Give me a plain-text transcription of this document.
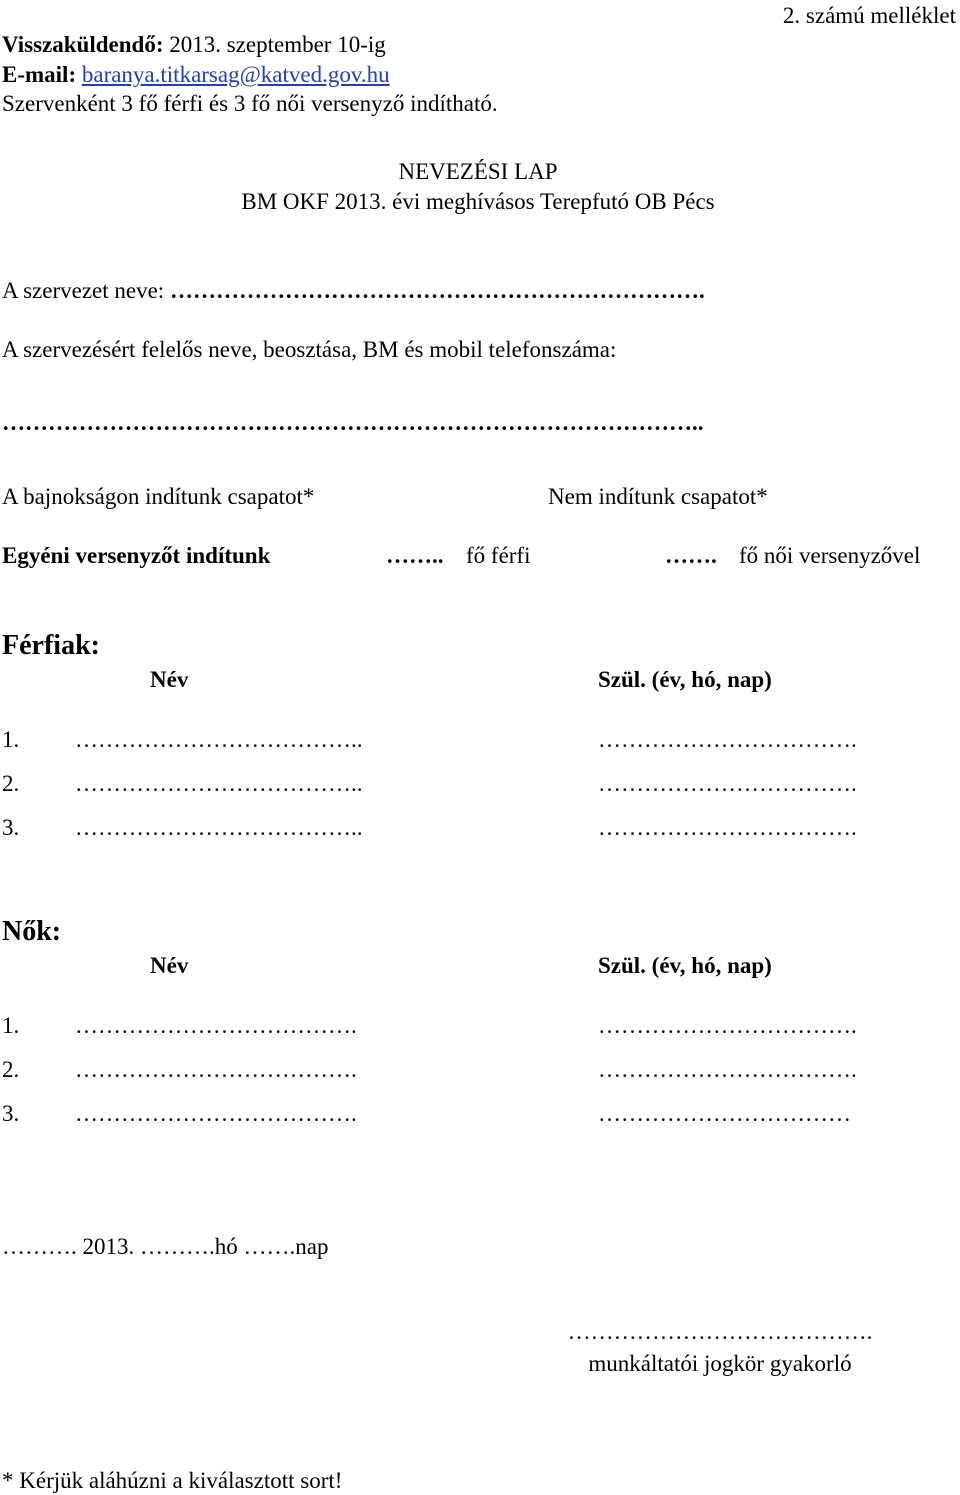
Visszaküldendő: 2013. szeptember 10-ig
E-mail: baranya.titkarsag@katved.gov.hu
Szervenként 3 fő férfi és 3 fő női versenyző indítható.
2. számú melléklet
NEVEZÉSI LAP
BM OKF 2013. évi meghívásos Terepfutó OB Pécs
A szervezet neve: …………………………………………………………….
A szervezésért felelős neve, beosztása, BM és mobil telefonszáma:
………………………………………………………………………………..
A bajnokságon indítunk csapatot*	Nem indítunk csapatot*
Egyéni versenyzőt indítunk	…….. fő férfi	……. fő női versenyzővel
Férfiak:
Név	Szül. (év, hó, nap)
1. ………………………………..	…………………………….
2. ………………………………..	…………………………….
3. ………………………………..	…………………………….
Nők:
Név	Szül. (év, hó, nap)
1. ……………………………….	…………………………….
2. ……………………………….	…………………………….
3. ……………………………….	……………………………
………. 2013. ……….hó …….nap
………………………………….
munkáltatói jogkör gyakorló
* Kérjük aláhúzni a kiválasztott sort!
